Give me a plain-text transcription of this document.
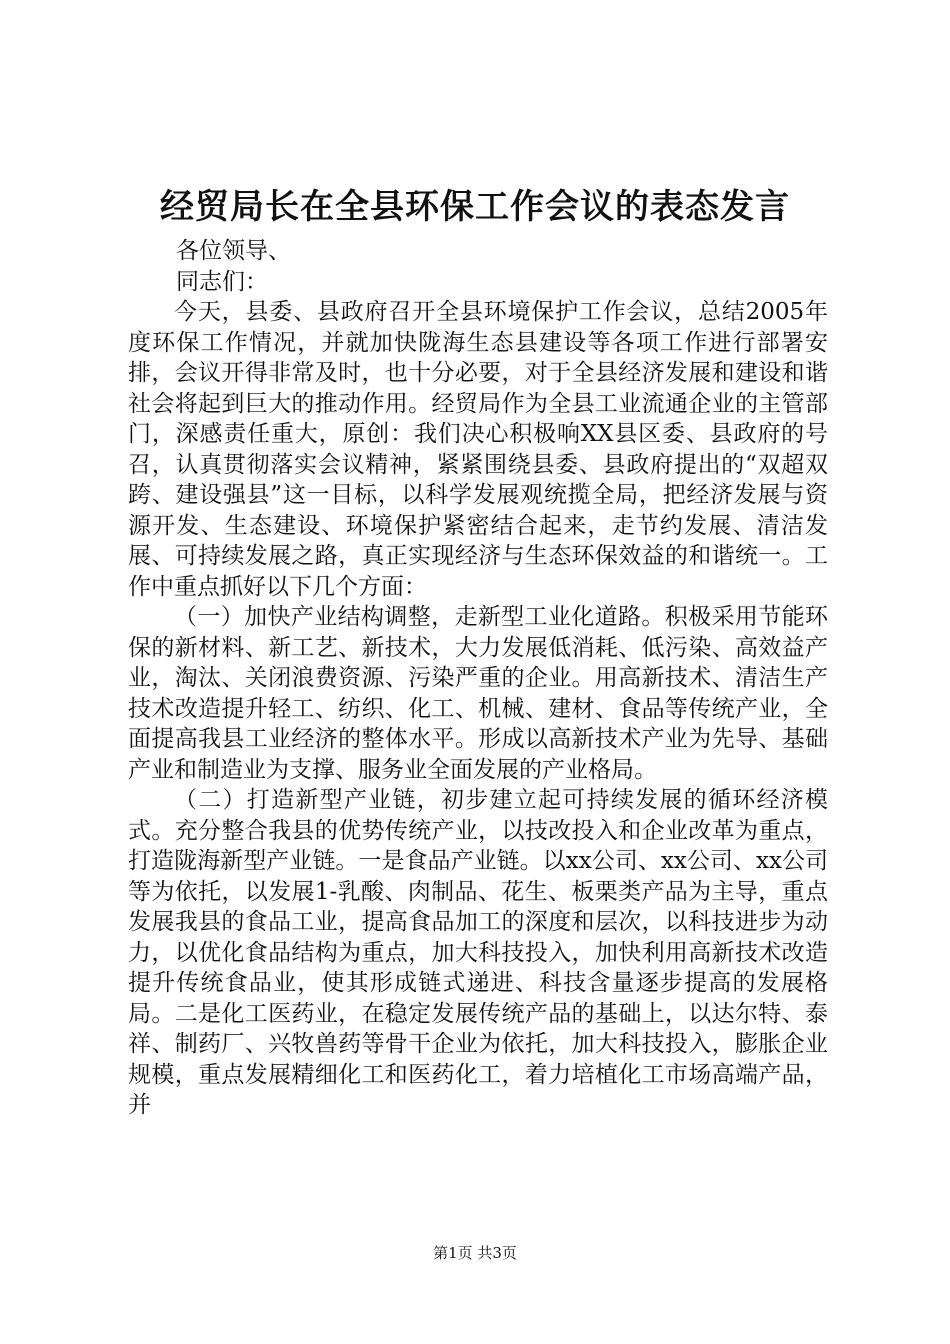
经贸局长在全县环保工作会议的表态发言

各位领导、

同志们：

今天，县委、县政府召开全县环境保护工作会议，总结2005年度环保工作情况，并就加快陇海生态县建设等各项工作进行部署安排，会议开得非常及时，也十分必要，对于全县经济发展和建设和谐社会将起到巨大的推动作用。经贸局作为全县工业流通企业的主管部门，深感责任重大，原创：我们决心积极响XX县区委、县政府的号召，认真贯彻落实会议精神，紧紧围绕县委、县政府提出的“双超双跨、建设强县”这一目标，以科学发展观统揽全局，把经济发展与资源开发、生态建设、环境保护紧密结合起来，走节约发展、清洁发展、可持续发展之路，真正实现经济与生态环保效益的和谐统一。工作中重点抓好以下几个方面：

（一）加快产业结构调整，走新型工业化道路。积极采用节能环保的新材料、新工艺、新技术，大力发展低消耗、低污染、高效益产业，淘汰、关闭浪费资源、污染严重的企业。用高新技术、清洁生产技术改造提升轻工、纺织、化工、机械、建材、食品等传统产业，全面提高我县工业经济的整体水平。形成以高新技术产业为先导、基础产业和制造业为支撑、服务业全面发展的产业格局。

（二）打造新型产业链，初步建立起可持续发展的循环经济模式。充分整合我县的优势传统产业，以技改投入和企业改革为重点，打造陇海新型产业链。一是食品产业链。以xx公司、xx公司、xx公司等为依托，以发展1-乳酸、肉制品、花生、板栗类产品为主导，重点发展我县的食品工业，提高食品加工的深度和层次，以科技进步为动力，以优化食品结构为重点，加大科技投入，加快利用高新技术改造提升传统食品业，使其形成链式递进、科技含量逐步提高的发展格局。二是化工医药业，在稳定发展传统产品的基础上，以达尔特、泰祥、制药厂、兴牧兽药等骨干企业为依托，加大科技投入，膨胀企业规模，重点发展精细化工和医药化工，着力培植化工市场高端产品，并

第1页 共3页
